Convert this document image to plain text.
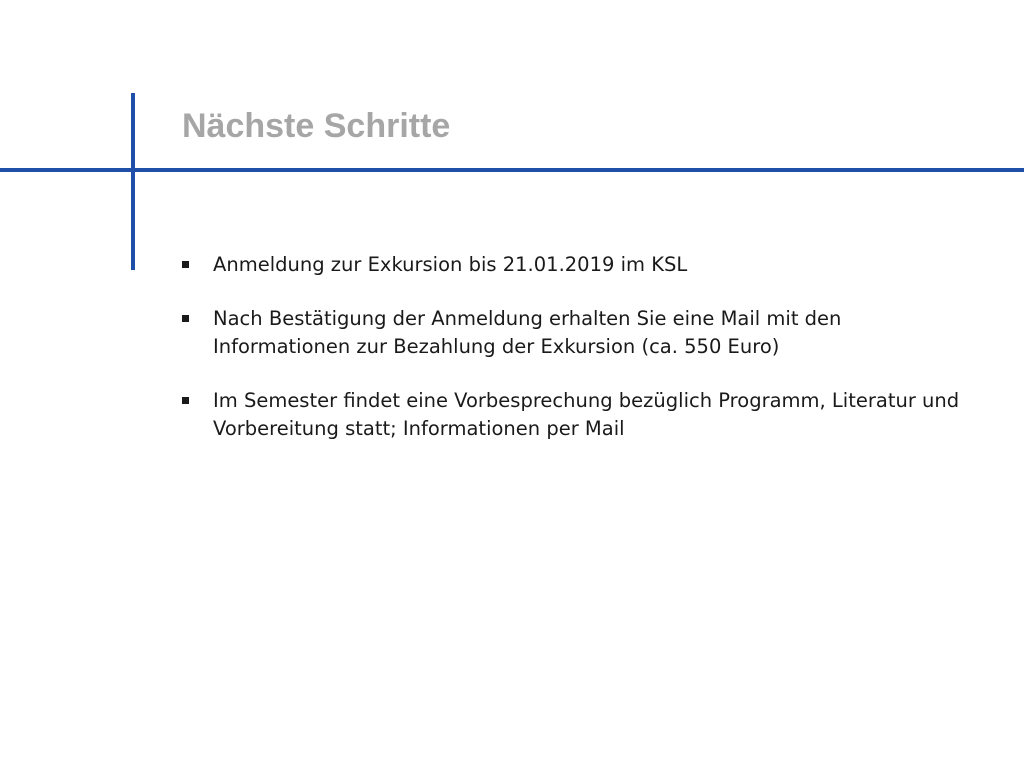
Nächste Schritte
Anmeldung zur Exkursion bis 21.01.2019 im KSL
Nach Bestätigung der Anmeldung erhalten Sie eine Mail mit den Informationen zur Bezahlung der Exkursion (ca. 550 Euro)
Im Semester findet eine Vorbesprechung bezüglich Programm, Literatur und Vorbereitung statt; Informationen per Mail
